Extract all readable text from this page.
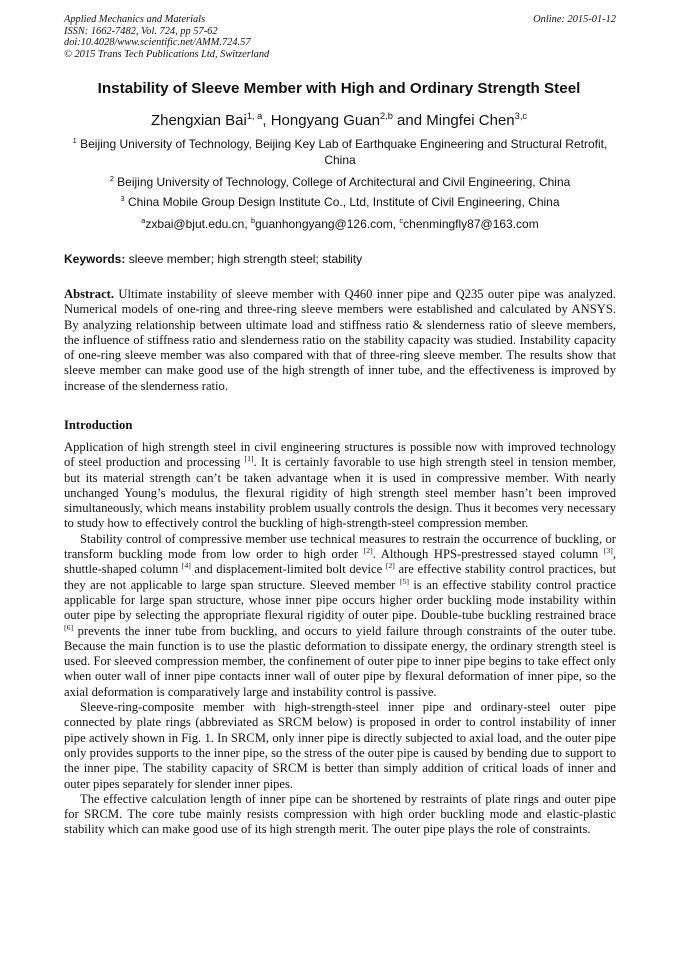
Applied Mechanics and Materials
ISSN: 1662-7482, Vol. 724, pp 57-62
doi:10.4028/www.scientific.net/AMM.724.57
© 2015 Trans Tech Publications Ltd, Switzerland
Online: 2015-01-12
Instability of Sleeve Member with High and Ordinary Strength Steel
Zhengxian Bai$^{1, a}$, Hongyang Guan$^{2,b}$ and Mingfei Chen$^{3,c}$
$^1$ Beijing University of Technology, Beijing Key Lab of Earthquake Engineering and Structural Retrofit, China
$^2$ Beijing University of Technology, College of Architectural and Civil Engineering, China
$^3$ China Mobile Group Design Institute Co., Ltd, Institute of Civil Engineering, China
$^a$zxbai@bjut.edu.cn, $^b$guanhongyang@126.com, $^c$chenmingfly87@163.com
Keywords: sleeve member; high strength steel; stability

Abstract. Ultimate instability of sleeve member with Q460 inner pipe and Q235 outer pipe was analyzed. Numerical models of one-ring and three-ring sleeve members were established and calculated by ANSYS. By analyzing relationship between ultimate load and stiffness ratio & slenderness ratio of sleeve members, the influence of stiffness ratio and slenderness ratio on the stability capacity was studied. Instability capacity of one-ring sleeve member was also compared with that of three-ring sleeve member. The results show that sleeve member can make good use of the high strength of inner tube, and the effectiveness is improved by increase of the slenderness ratio.

Introduction

Application of high strength steel in civil engineering structures is possible now with improved technology of steel production and processing [1]. It is certainly favorable to use high strength steel in tension member, but its material strength can’t be taken advantage when it is used in compressive member. With nearly unchanged Young’s modulus, the flexural rigidity of high strength steel member hasn’t been improved simultaneously, which means instability problem usually controls the design. Thus it becomes very necessary to study how to effectively control the buckling of high-strength-steel compression member.

Stability control of compressive member use technical measures to restrain the occurrence of buckling, or transform buckling mode from low order to high order [2]. Although HPS-prestressed stayed column [3], shuttle-shaped column [4] and displacement-limited bolt device [2] are effective stability control practices, but they are not applicable to large span structure. Sleeved member [5] is an effective stability control practice applicable for large span structure, whose inner pipe occurs higher order buckling mode instability within outer pipe by selecting the appropriate flexural rigidity of outer pipe. Double-tube buckling restrained brace [6] prevents the inner tube from buckling, and occurs to yield failure through constraints of the outer tube. Because the main function is to use the plastic deformation to dissipate energy, the ordinary strength steel is used. For sleeved compression member, the confinement of outer pipe to inner pipe begins to take effect only when outer wall of inner pipe contacts inner wall of outer pipe by flexural deformation of inner pipe, so the axial deformation is comparatively large and instability control is passive.

Sleeve-ring-composite member with high-strength-steel inner pipe and ordinary-steel outer pipe connected by plate rings (abbreviated as SRCM below) is proposed in order to control instability of inner pipe actively shown in Fig. 1. In SRCM, only inner pipe is directly subjected to axial load, and the outer pipe only provides supports to the inner pipe, so the stress of the outer pipe is caused by bending due to support to the inner pipe. The stability capacity of SRCM is better than simply addition of critical loads of inner and outer pipes separately for slender inner pipes.

The effective calculation length of inner pipe can be shortened by restraints of plate rings and outer pipe for SRCM. The core tube mainly resists compression with high order buckling mode and elastic-plastic stability which can make good use of its high strength merit. The outer pipe plays the role of constraints.
